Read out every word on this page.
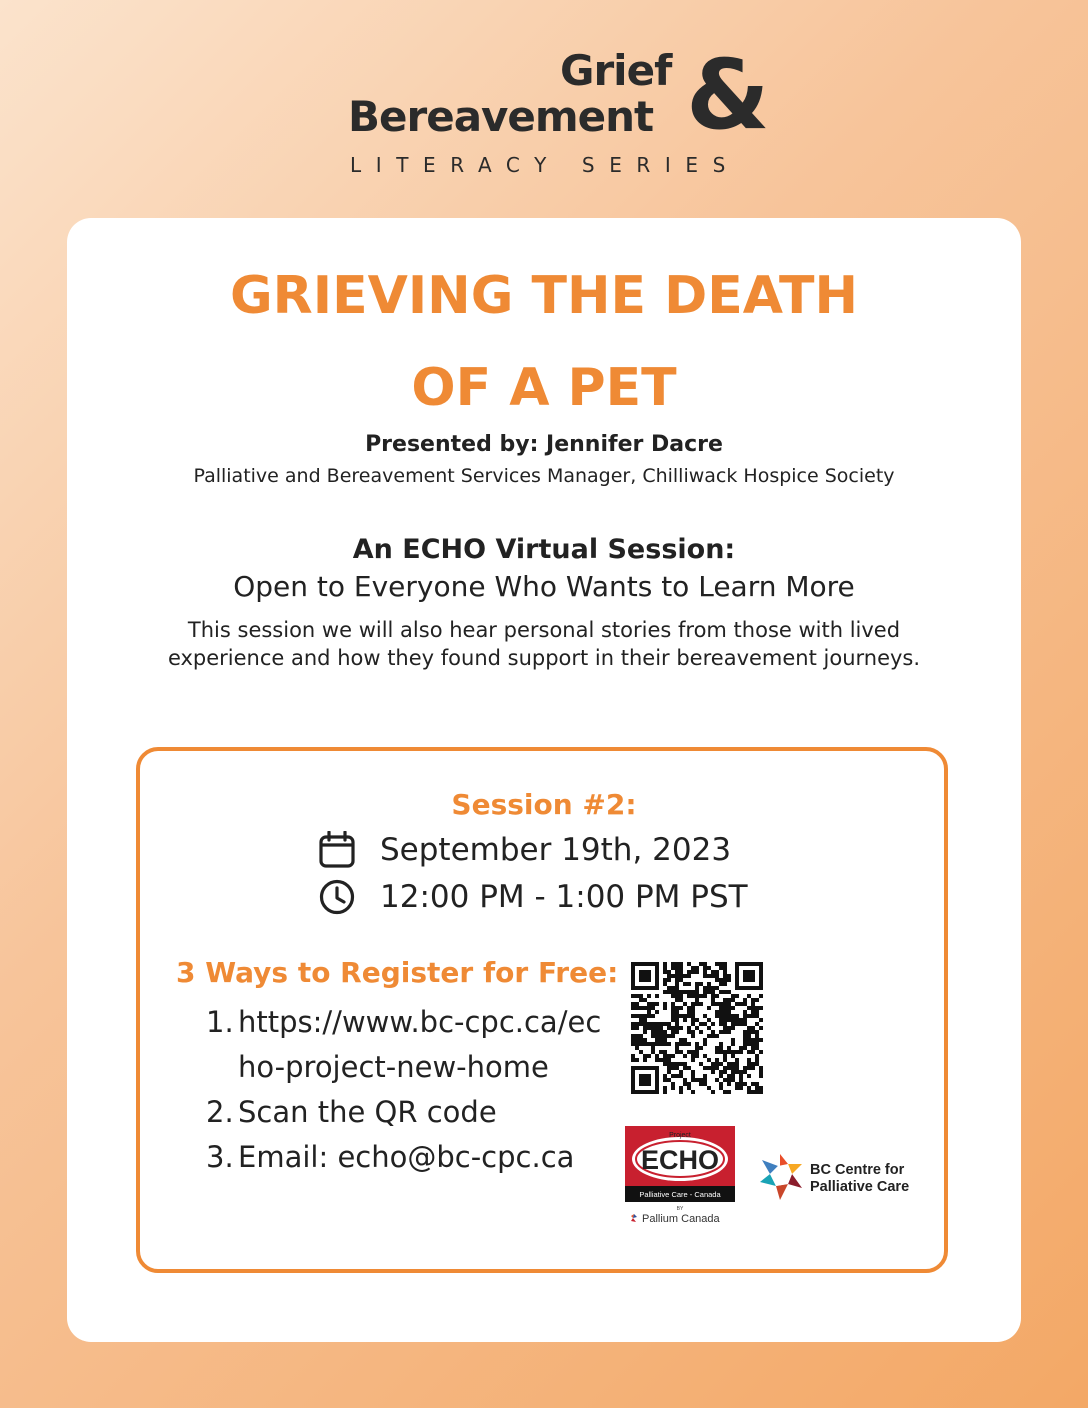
Grief
Bereavement &
LITERACY SERIES
GRIEVING THE DEATH
OF A PET
Presented by: Jennifer Dacre
Palliative and Bereavement Services Manager, Chilliwack Hospice Society
An ECHO Virtual Session:
Open to Everyone Who Wants to Learn More
This session we will also hear personal stories from those with lived experience and how they found support in their bereavement journeys.
Session #2:
September 19th, 2023
12:00 PM - 1:00 PM PST
3 Ways to Register for Free:
1. https://www.bc-cpc.ca/echo-project-new-home
2. Scan the QR code
3. Email: echo@bc-cpc.ca
Project
ECHO
Palliative Care - Canada
BY
Pallium Canada
BC Centre for
Palliative Care
